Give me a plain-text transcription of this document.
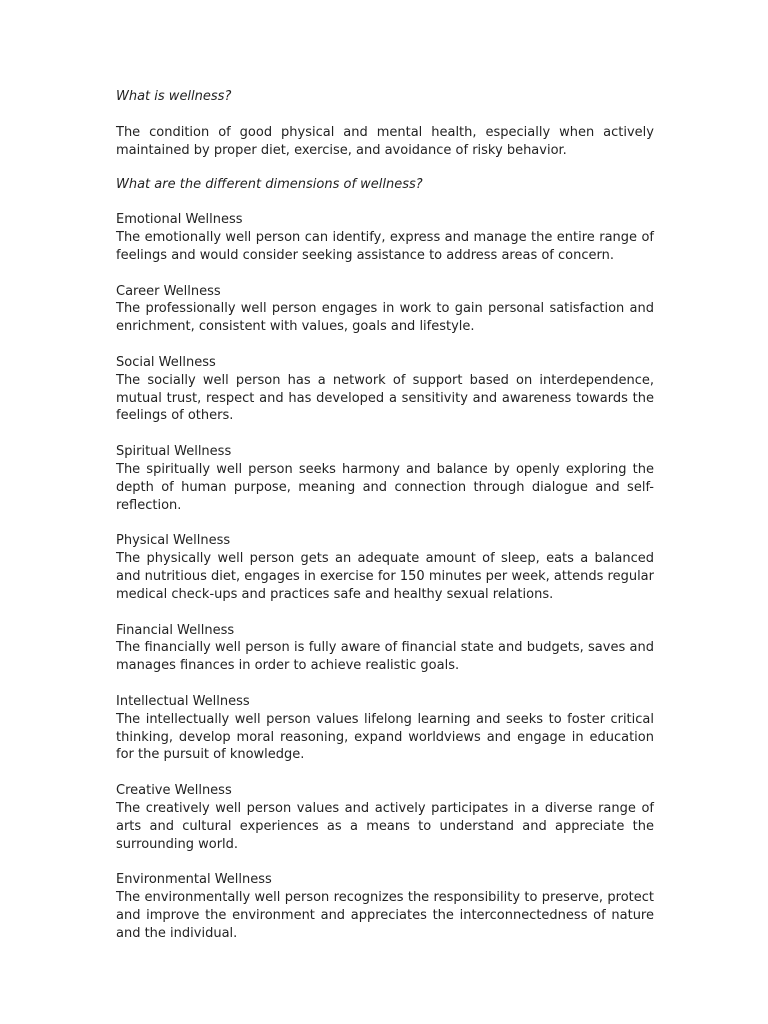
What is wellness?

The condition of good physical and mental health, especially when actively maintained by proper diet, exercise, and avoidance of risky behavior.

What are the different dimensions of wellness?

Emotional Wellness

The emotionally well person can identify, express and manage the entire range of feelings and would consider seeking assistance to address areas of concern.

Career Wellness

The professionally well person engages in work to gain personal satisfaction and enrichment, consistent with values, goals and lifestyle.

Social Wellness

The socially well person has a network of support based on interdependence, mutual trust, respect and has developed a sensitivity and awareness towards the feelings of others.

Spiritual Wellness

The spiritually well person seeks harmony and balance by openly exploring the depth of human purpose, meaning and connection through dialogue and self-reflection.

Physical Wellness

The physically well person gets an adequate amount of sleep, eats a balanced and nutritious diet, engages in exercise for 150 minutes per week, attends regular medical check-ups and practices safe and healthy sexual relations.

Financial Wellness

The financially well person is fully aware of financial state and budgets, saves and manages finances in order to achieve realistic goals.

Intellectual Wellness

The intellectually well person values lifelong learning and seeks to foster critical thinking, develop moral reasoning, expand worldviews and engage in education for the pursuit of knowledge.

Creative Wellness

The creatively well person values and actively participates in a diverse range of arts and cultural experiences as a means to understand and appreciate the surrounding world.

Environmental Wellness

The environmentally well person recognizes the responsibility to preserve, protect and improve the environment and appreciates the interconnectedness of nature and the individual.
